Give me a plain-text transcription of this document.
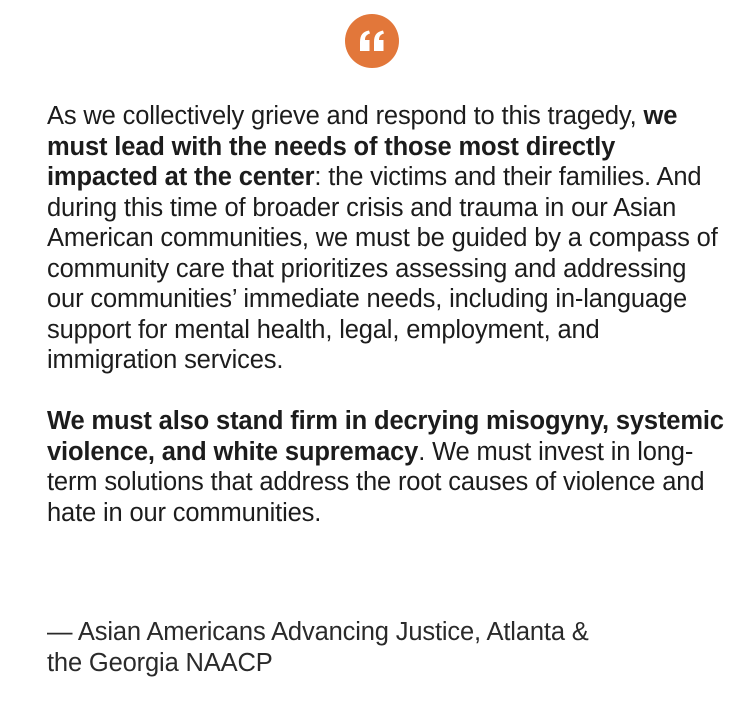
As we collectively grieve and respond to this tragedy, we must lead with the needs of those most directly impacted at the center: the victims and their families. And during this time of broader crisis and trauma in our Asian American communities, we must be guided by a compass of community care that prioritizes assessing and addressing our communities’ immediate needs, including in-language support for mental health, legal, employment, and immigration services.

We must also stand firm in decrying misogyny, systemic violence, and white supremacy. We must invest in long-term solutions that address the root causes of violence and hate in our communities.

— Asian Americans Advancing Justice, Atlanta &
the Georgia NAACP
